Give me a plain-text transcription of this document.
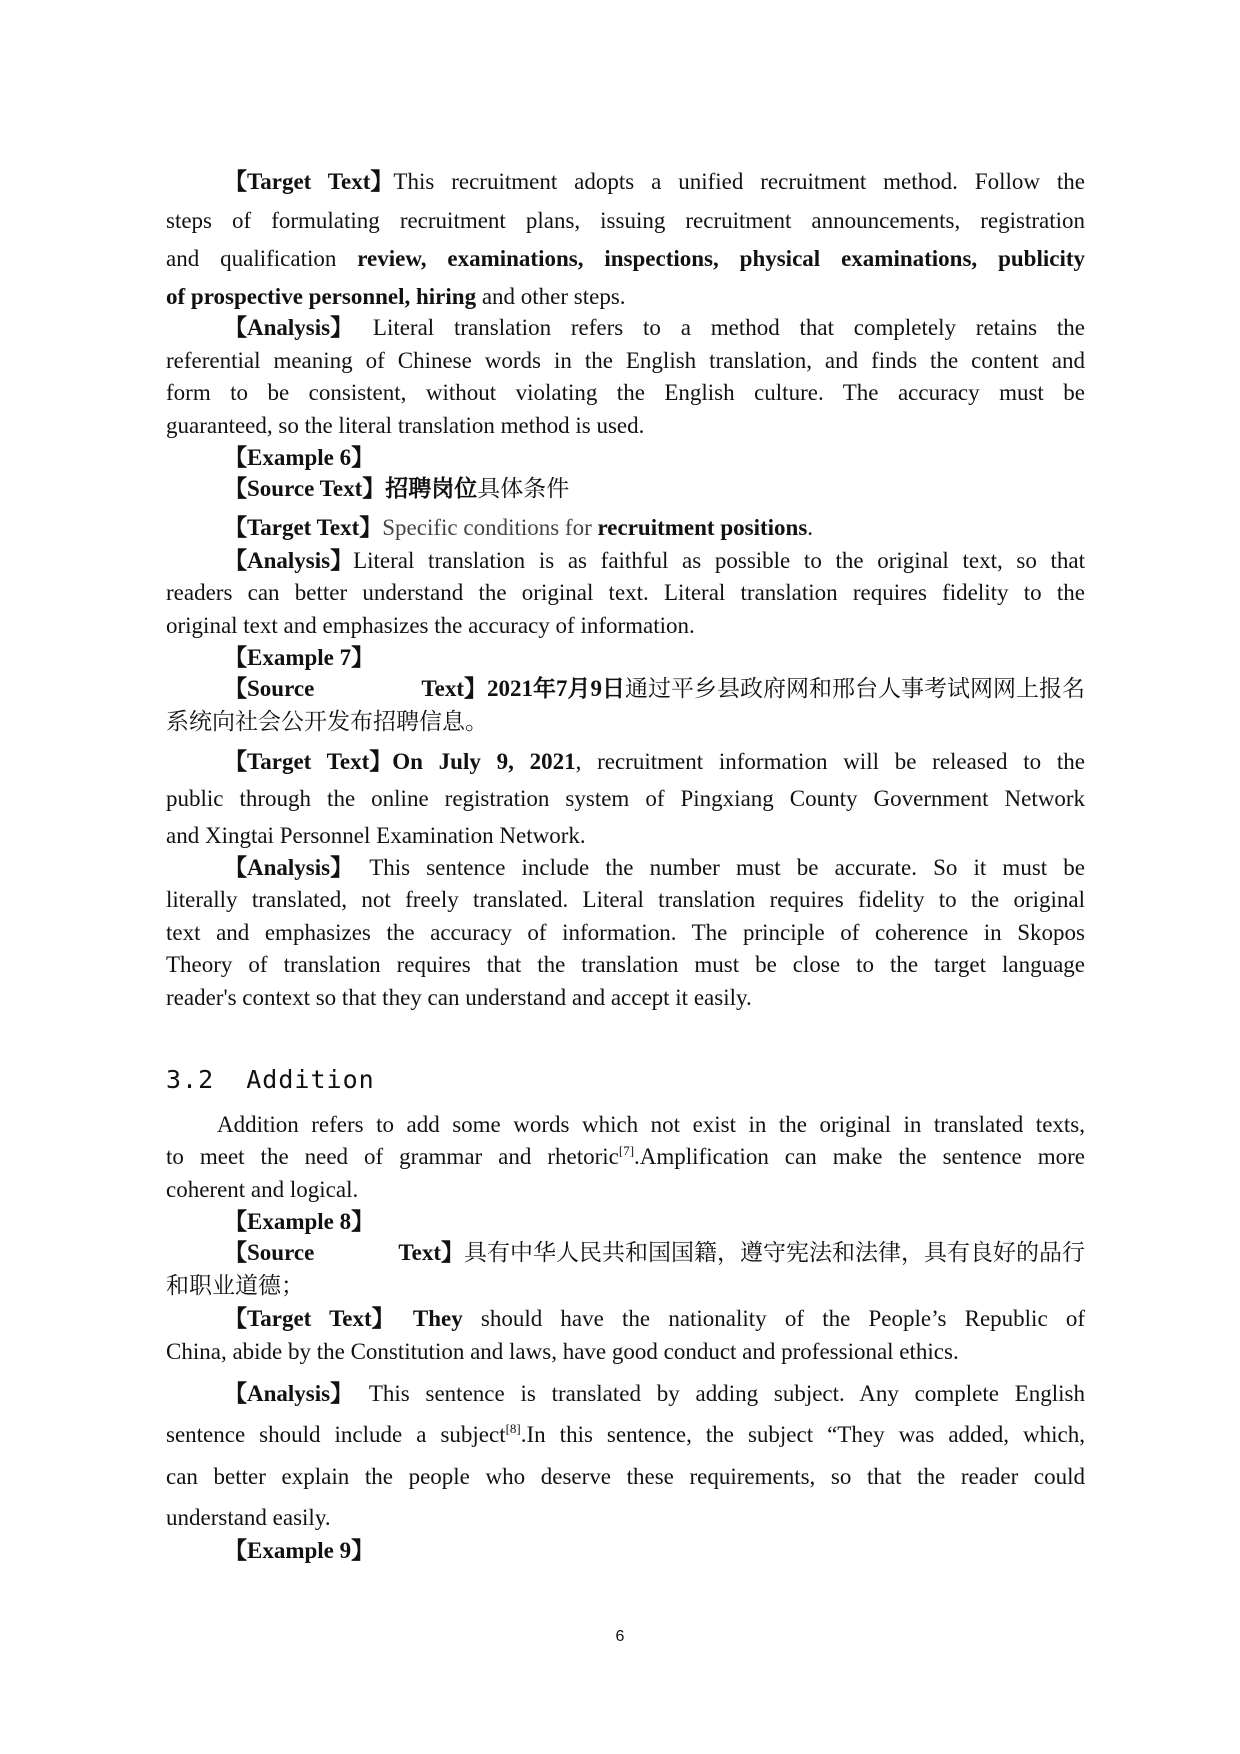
3.2  Addition
6
【Target Text】This recruitment adopts a unified recruitment method. Follow the
steps of formulating recruitment plans, issuing recruitment announcements, registration
and qualification review, examinations, inspections, physical examinations, publicity
of prospective personnel, hiring and other steps.
【Analysis】 Literal translation refers to a method that completely retains the
referential meaning of Chinese words in the English translation, and finds the content and
form to be consistent, without violating the English culture. The accuracy must be
guaranteed, so the literal translation method is used.
【Example 6】
【Source Text】招聘岗位具体条件
【Target Text】Specific conditions for recruitment positions.
【Analysis】Literal translation is as faithful as possible to the original text, so that
readers can better understand the original text. Literal translation requires fidelity to the
original text and emphasizes the accuracy of information.
【Example 7】
【Source Text】2021年7月9日通过平乡县政府网和邢台人事考试网网上报名
系统向社会公开发布招聘信息。
【Target Text】On July 9, 2021, recruitment information will be released to the
public through the online registration system of Pingxiang County Government Network
and Xingtai Personnel Examination Network.
【Analysis】 This sentence include the number must be accurate. So it must be
literally translated, not freely translated. Literal translation requires fidelity to the original
text and emphasizes the accuracy of information. The principle of coherence in Skopos
Theory of translation requires that the translation must be close to the target language
reader's context so that they can understand and accept it easily.
Addition refers to add some words which not exist in the original in translated texts,
to meet the need of grammar and rhetoric[7].Amplification can make the sentence more
coherent and logical.
【Example 8】
【Source Text】具有中华人民共和国国籍，遵守宪法和法律，具有良好的品行
和职业道德；
【Target Text】 They should have the nationality of the People’s Republic of
China, abide by the Constitution and laws, have good conduct and professional ethics.
【Analysis】 This sentence is translated by adding subject. Any complete English
sentence should include a subject[8].In this sentence, the subject “They was added, which,
can better explain the people who deserve these requirements, so that the reader could
understand easily.
【Example 9】
